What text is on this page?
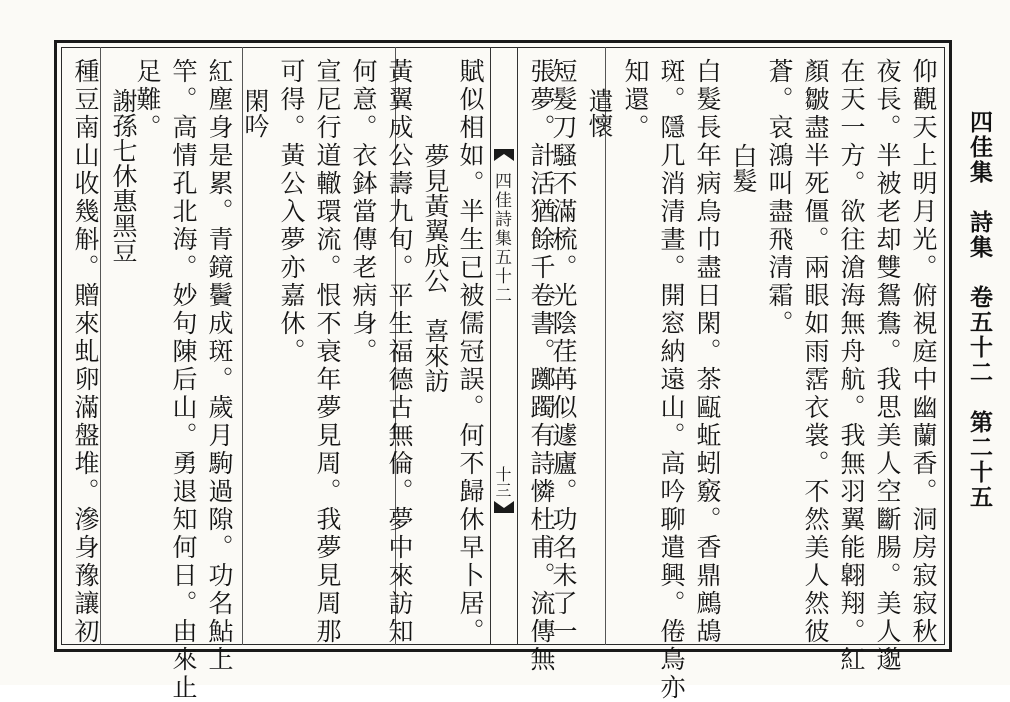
四佳集　詩集　卷五十二　第二十五
四佳詩集五十二
十三	仰觀天上明月光。俯視庭中幽蘭香。洞房寂寂秋
夜長。半被老却雙鴛鴦。我思美人空斷腸。美人邈
在天一方。欲往滄海無舟航。我無羽翼能翺翔。紅
顏皺盡半死僵。兩眼如雨霑衣裳。不然美人然彼
蒼。哀鴻叫盡飛清霜。
白髮
白髮長年病烏巾盡日閑。茶甌蚯蚓竅。香鼎鷓鴣
斑。隱几消清晝。開窓納遠山。高吟聊遣興。倦鳥亦
知還。
遣懷
短髮刀騷不滿梳。光陰荏苒似遽廬。功名未了一
張夢。計活猶餘千卷書。躑躅有詩憐杜甫。流傳無
賦似相如。半生已被儒冠誤。何不歸休早卜居。
夢見黃翼成公　喜來訪
黃翼成公壽九旬。平生福德古無倫。夢中來訪知
何意。衣鉢當傳老病身。
宣尼行道轍環流。恨不衰年夢見周。我夢見周那
可得。黃公入夢亦嘉休。
閑吟
紅塵身是累。青鏡鬢成斑。歲月駒過隙。功名鮎上
竿。高情孔北海。妙句陳后山。勇退知何日。由來止
足難。
謝孫七休惠黑豆
種豆南山收幾斛。贈來虬卵滿盤堆。滲身豫讓初
